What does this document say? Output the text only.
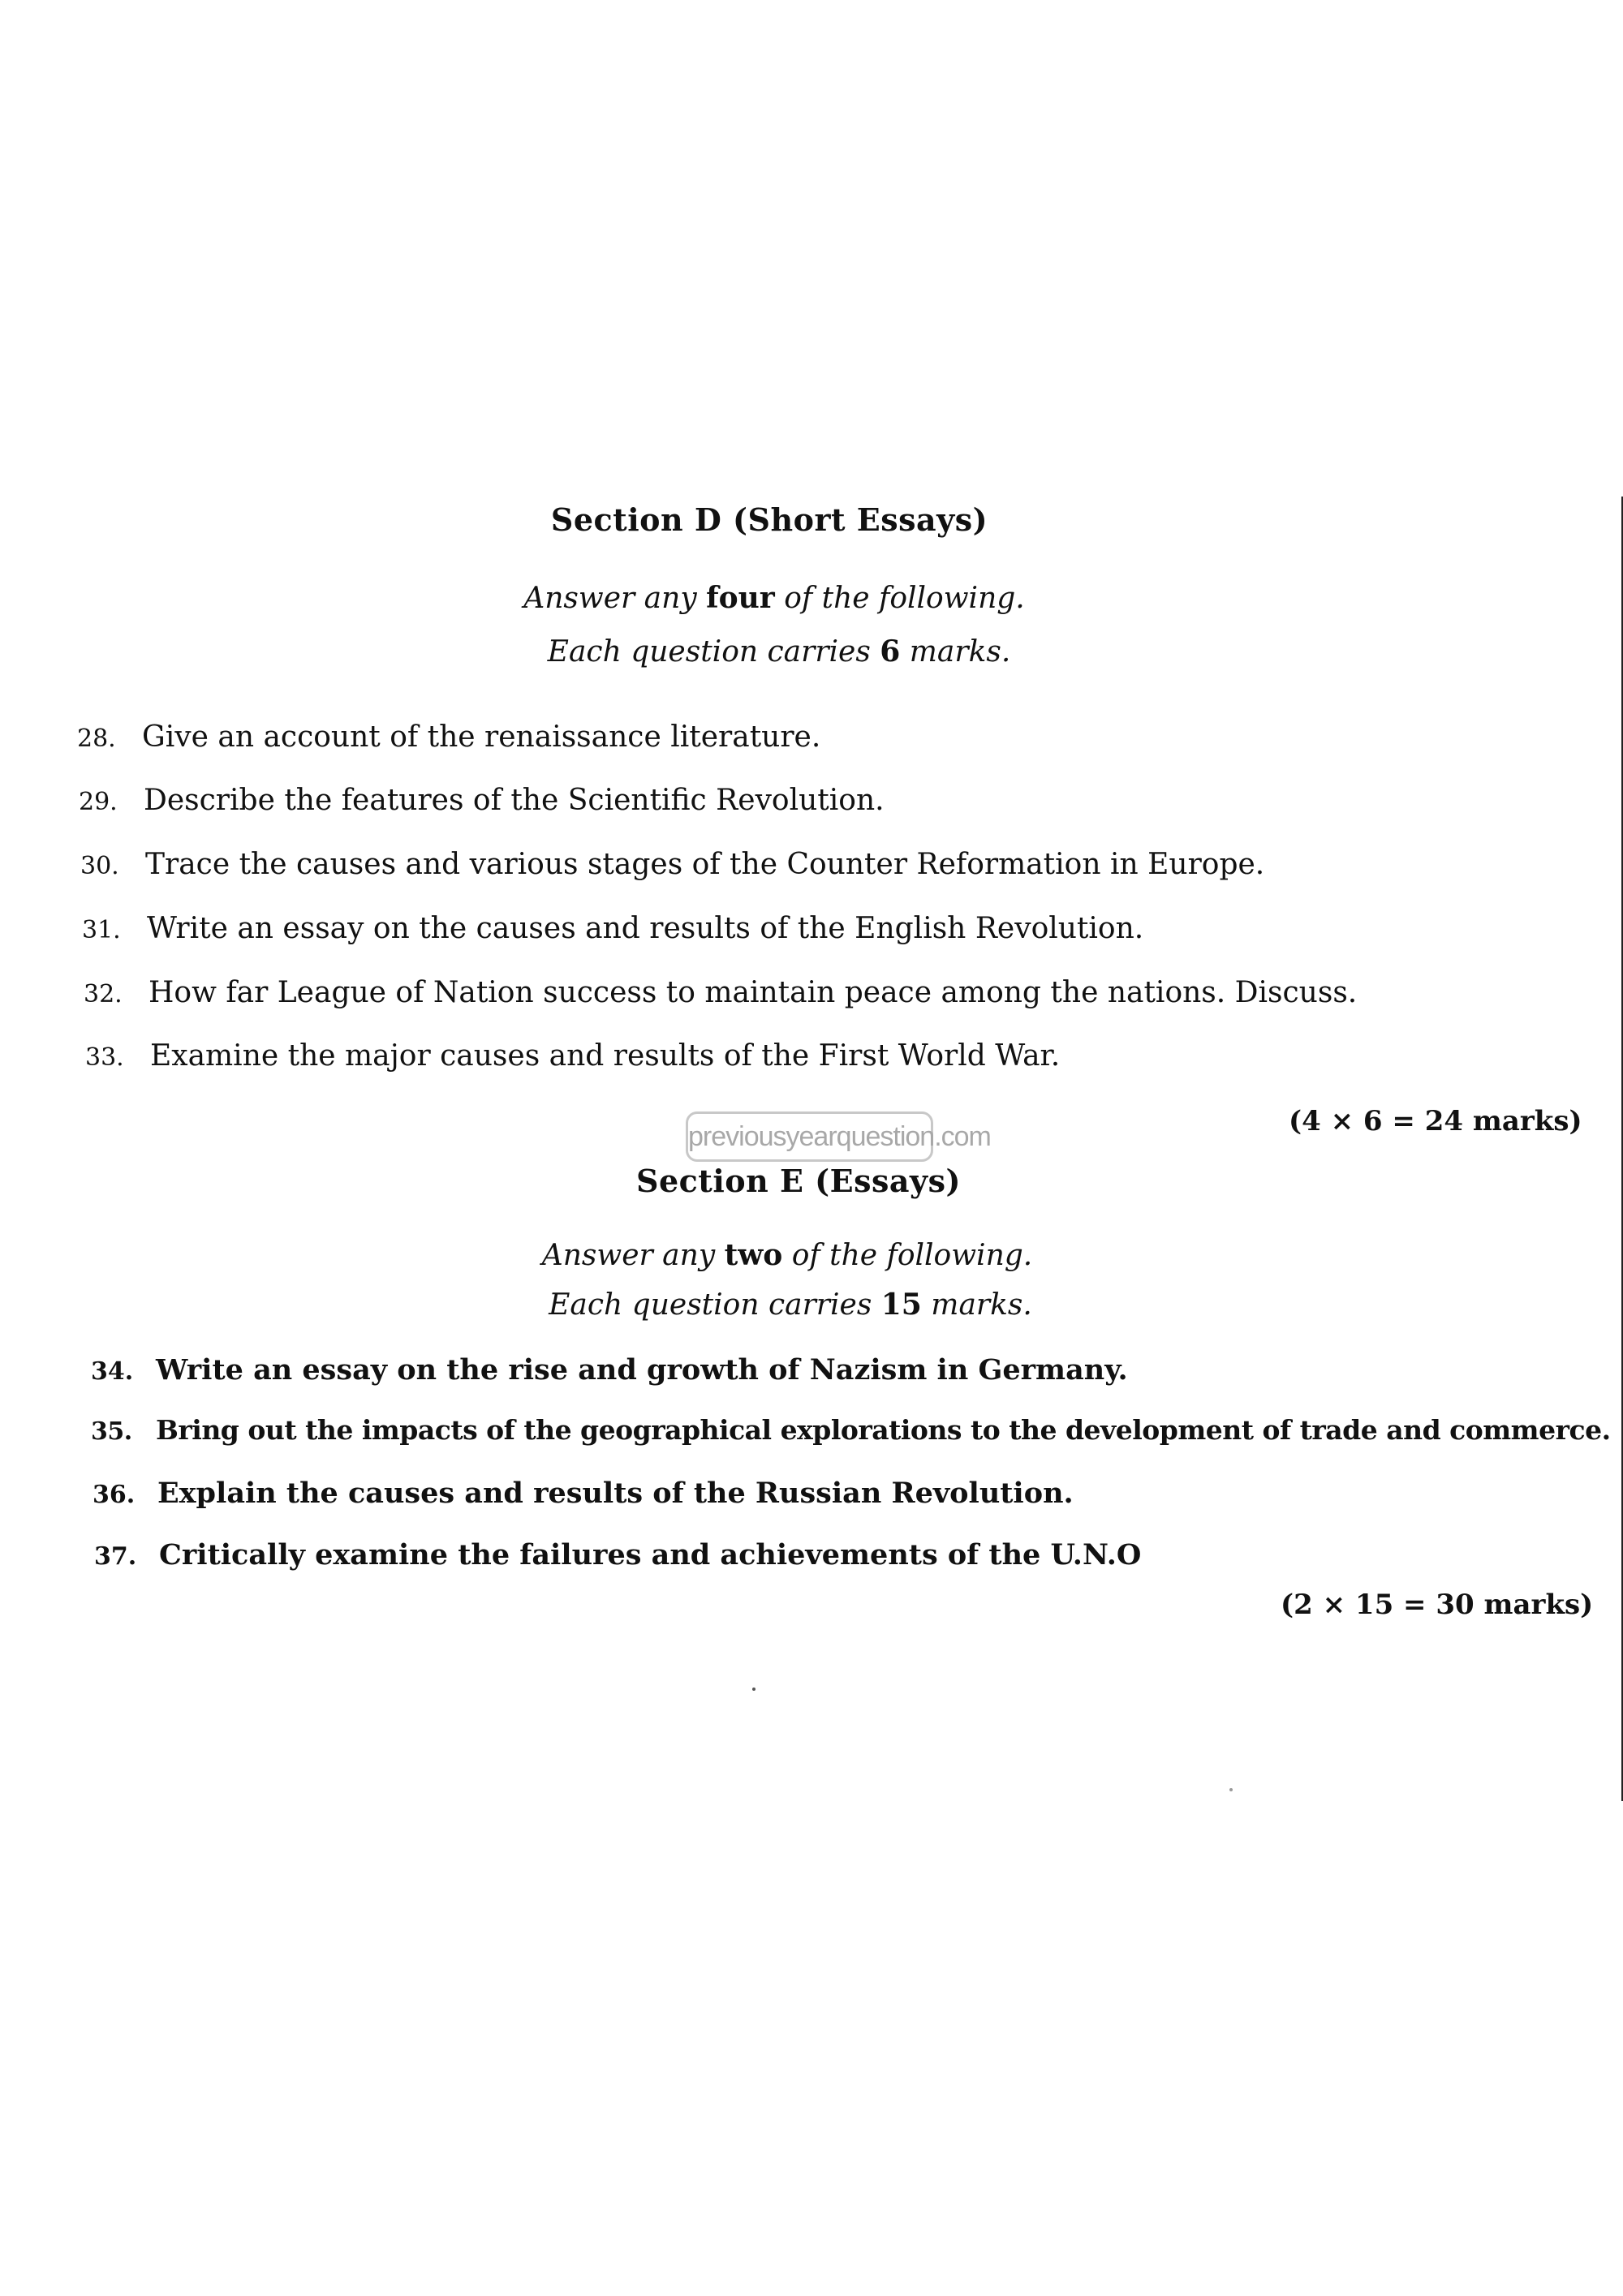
Section D (Short Essays)
Answer any four of the following.
Each question carries 6 marks.
28. Give an account of the renaissance literature.
29. Describe the features of the Scientific Revolution.
30. Trace the causes and various stages of the Counter Reformation in Europe.
31. Write an essay on the causes and results of the English Revolution.
32. How far League of Nation success to maintain peace among the nations. Discuss.
33. Examine the major causes and results of the First World War.
(4 × 6 = 24 marks)
previousyearquestion.com
Section E (Essays)
Answer any two of the following.
Each question carries 15 marks.
34. Write an essay on the rise and growth of Nazism in Germany.
35. Bring out the impacts of the geographical explorations to the development of trade and commerce.
36. Explain the causes and results of the Russian Revolution.
37. Critically examine the failures and achievements of the U.N.O
(2 × 15 = 30 marks)
